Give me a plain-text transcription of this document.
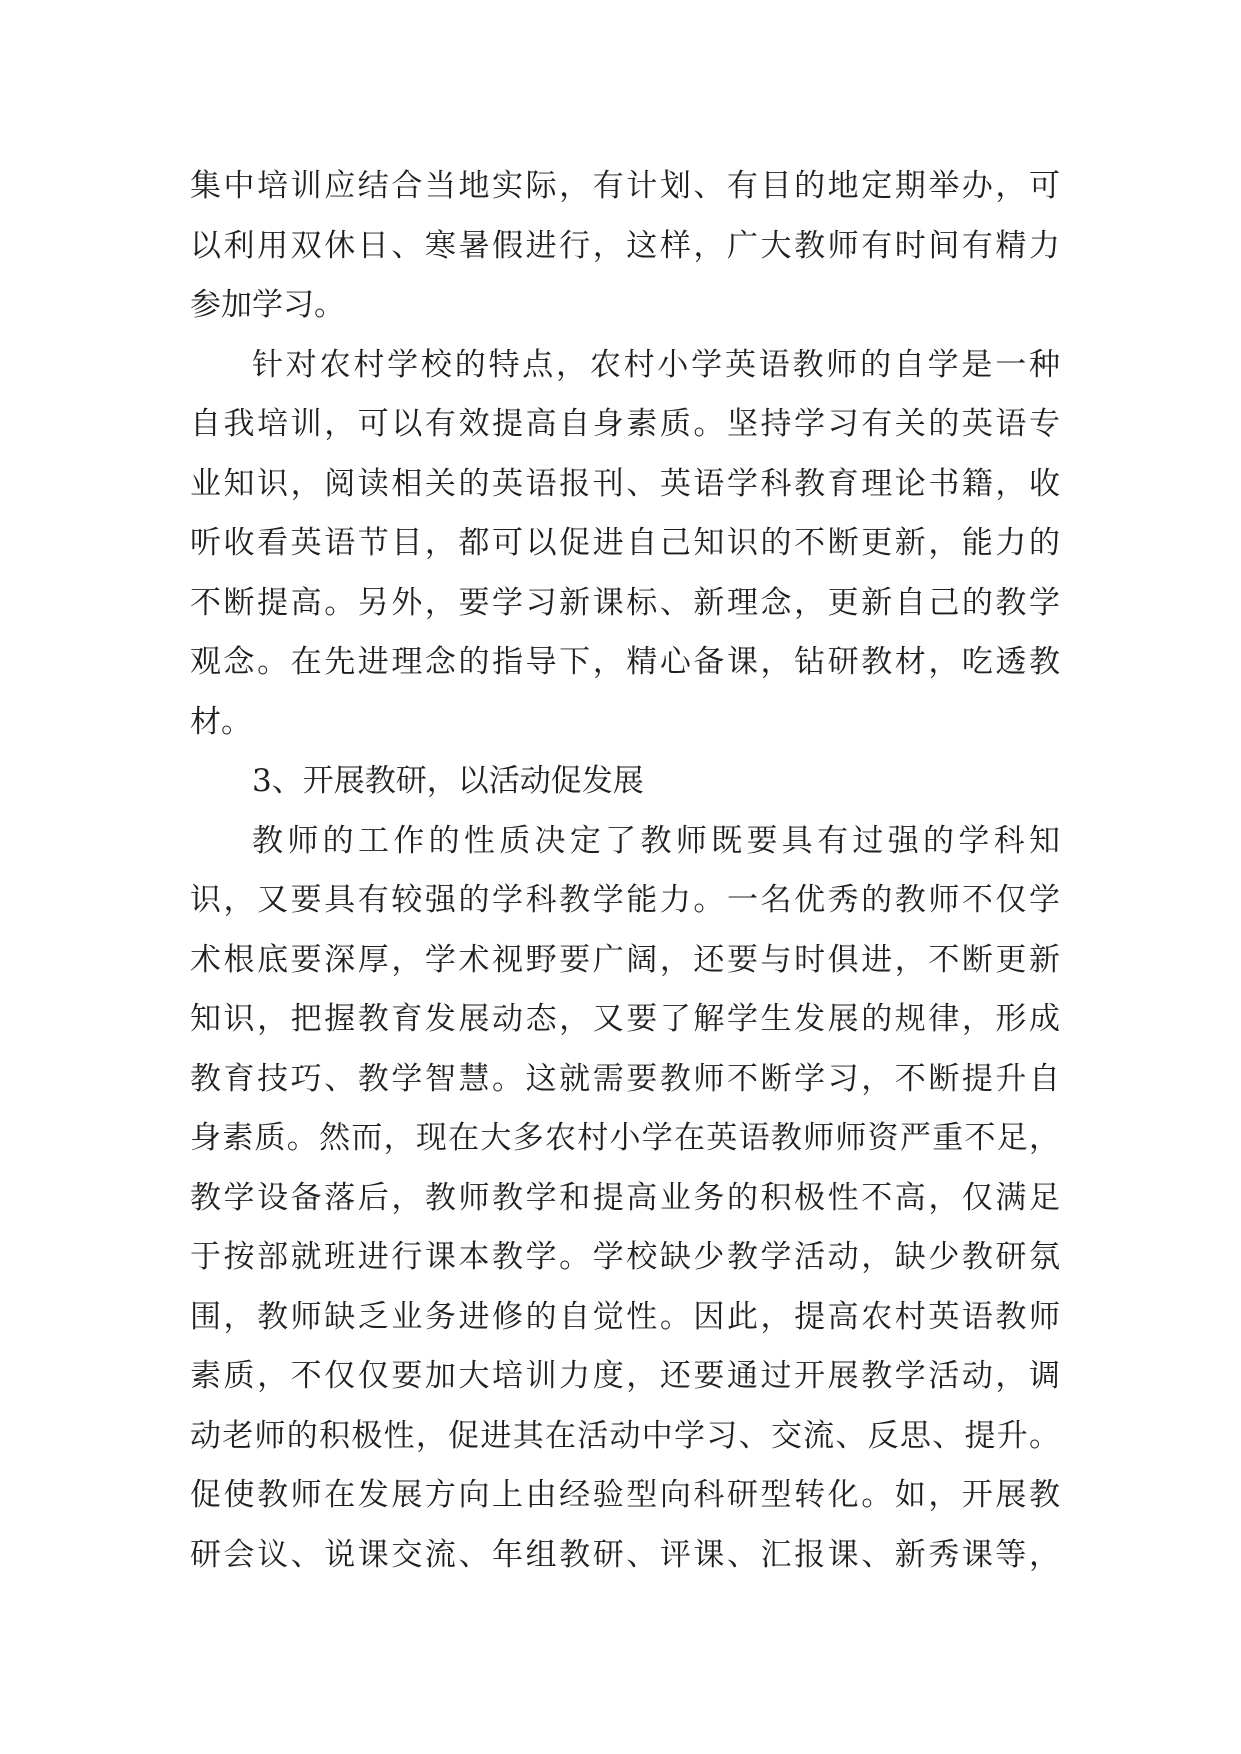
集中培训应结合当地实际，有计划、有目的地定期举办，可
以利用双休日、寒暑假进行，这样，广大教师有时间有精力
参加学习。
针对农村学校的特点，农村小学英语教师的自学是一种
自我培训，可以有效提高自身素质。坚持学习有关的英语专
业知识，阅读相关的英语报刊、英语学科教育理论书籍，收
听收看英语节目，都可以促进自己知识的不断更新，能力的
不断提高。另外，要学习新课标、新理念，更新自己的教学
观念。在先进理念的指导下，精心备课，钻研教材，吃透教
材。
3、开展教研，以活动促发展
教师的工作的性质决定了教师既要具有过强的学科知
识，又要具有较强的学科教学能力。一名优秀的教师不仅学
术根底要深厚，学术视野要广阔，还要与时俱进，不断更新
知识，把握教育发展动态，又要了解学生发展的规律，形成
教育技巧、教学智慧。这就需要教师不断学习，不断提升自
身素质。然而，现在大多农村小学在英语教师师资严重不足，
教学设备落后，教师教学和提高业务的积极性不高，仅满足
于按部就班进行课本教学。学校缺少教学活动，缺少教研氛
围，教师缺乏业务进修的自觉性。因此，提高农村英语教师
素质，不仅仅要加大培训力度，还要通过开展教学活动，调
动老师的积极性，促进其在活动中学习、交流、反思、提升。
促使教师在发展方向上由经验型向科研型转化。如，开展教
研会议、说课交流、年组教研、评课、汇报课、新秀课等，
